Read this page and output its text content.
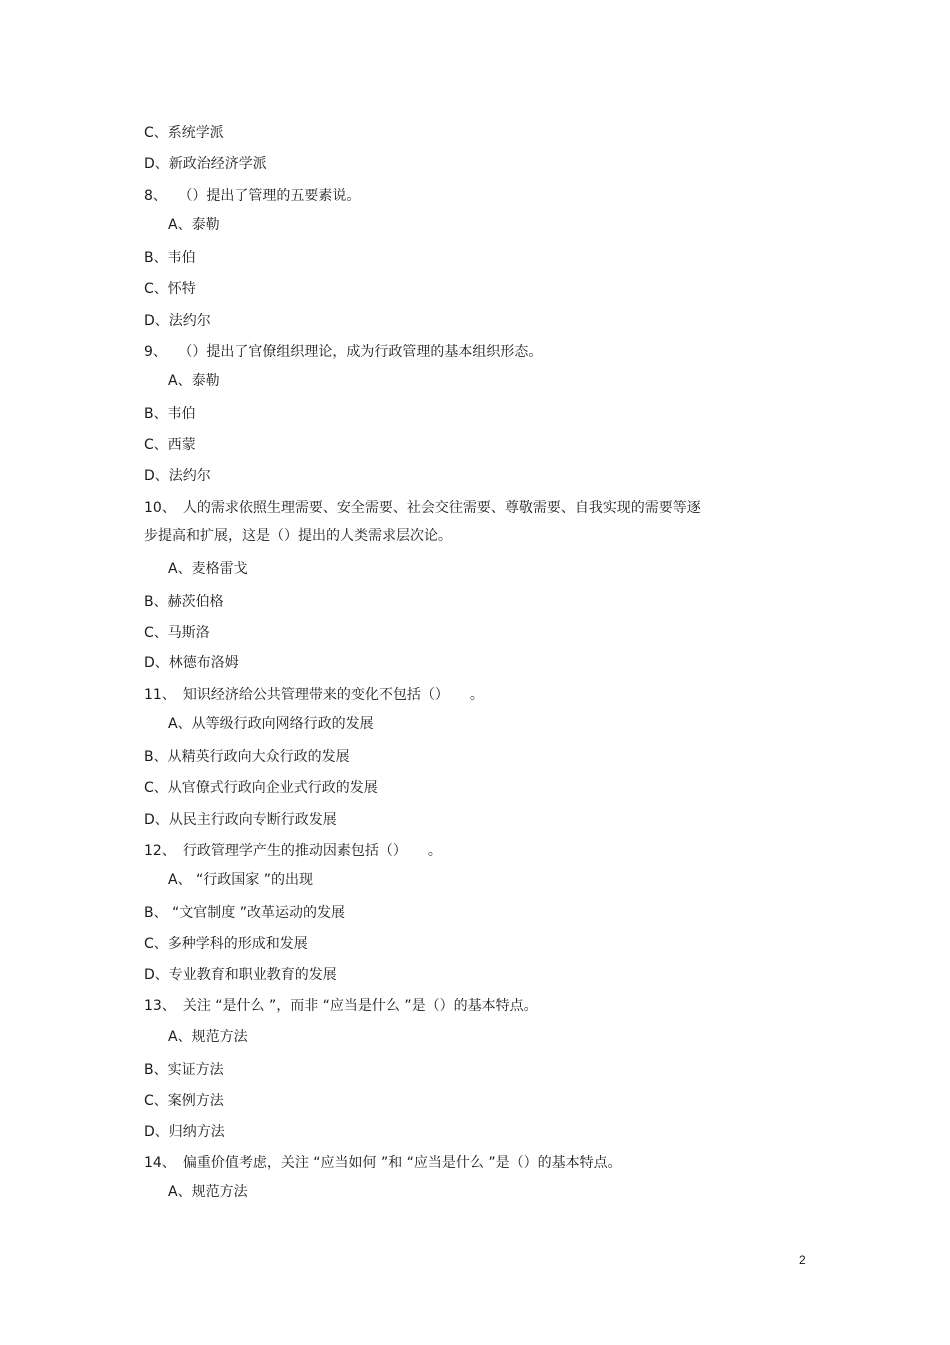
C、系统学派
D、新政治经济学派
8、　 （）提出了管理的五要素说。
A、泰勒
B、韦伯
C、怀特
D、法约尔
9、　 （）提出了官僚组织理论，成为行政管理的基本组织形态。
A、泰勒
B、韦伯
C、西蒙
D、法约尔
10、　人的需求依照生理需要、安全需要、社会交往需要、尊敬需要、自我实现的需要等逐
步提高和扩展，这是（）提出的人类需求层次论。
A、麦格雷戈
B、赫茨伯格
C、马斯洛
D、林德布洛姆
11、　知识经济给公共管理带来的变化不包括（）　　。
A、从等级行政向网络行政的发展
B、从精英行政向大众行政的发展
C、从官僚式行政向企业式行政的发展
D、从民主行政向专断行政发展
12、　行政管理学产生的推动因素包括（）　　。
A、 “行政国家 ”的出现
B、 “文官制度 ”改革运动的发展
C、多种学科的形成和发展
D、专业教育和职业教育的发展
13、　关注 “是什么 ”，而非 “应当是什么 ”是（）的基本特点。
A、规范方法
B、实证方法
C、案例方法
D、归纳方法
14、　偏重价值考虑，关注 “应当如何 ”和 “应当是什么 ”是（）的基本特点。
A、规范方法
2
